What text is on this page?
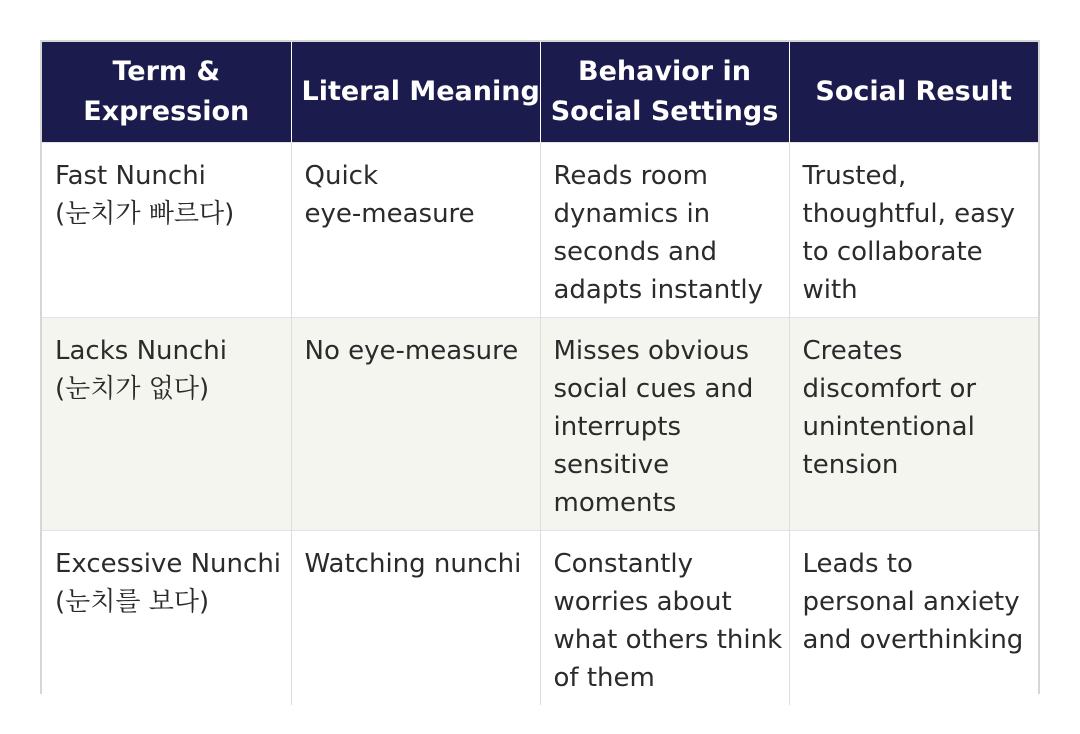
Term &
Expression	Literal Meaning	Behavior in
Social Settings	Social Result

Fast Nunchi
(눈치가 빠르다)	Quick
eye-measure	Reads room
dynamics in
seconds and
adapts instantly	Trusted,
thoughtful, easy
to collaborate
with

Lacks Nunchi
(눈치가 없다)	No eye-measure	Misses obvious
social cues and
interrupts
sensitive
moments	Creates
discomfort or
unintentional
tension

Excessive Nunchi
(눈치를 보다)	Watching nunchi	Constantly
worries about
what others think
of them	Leads to
personal anxiety
and overthinking
